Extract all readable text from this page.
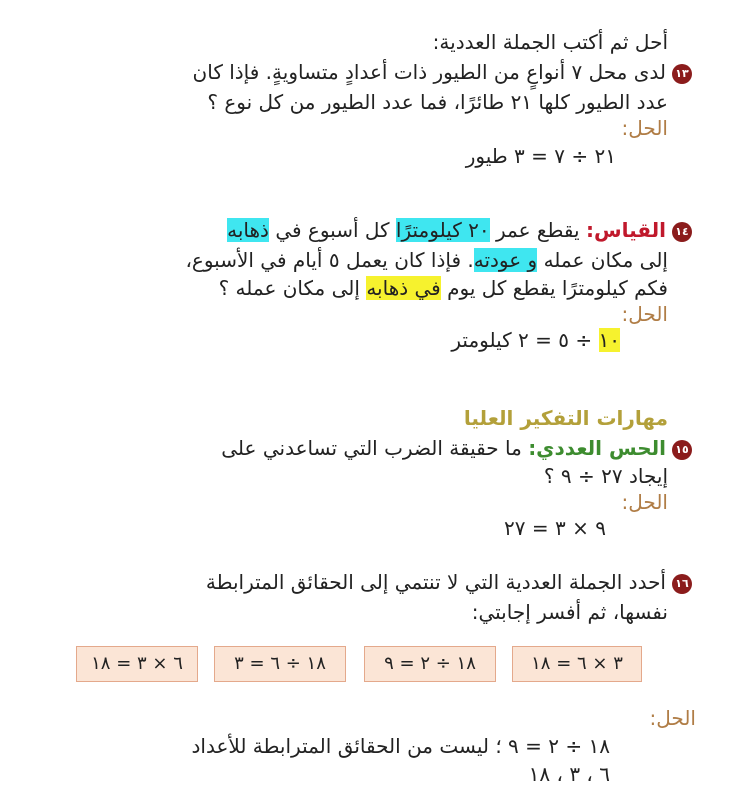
أحل ثم أكتب الجملة العددية:
١٣لدى محل ٧ أنواعٍ من الطيور ذات أعدادٍ متساويةٍ. فإذا كان
عدد الطيور كلها ٢١ طائرًا، فما عدد الطيور من كل نوع ؟
الحل:
٢١ ÷ ٧ = ٣ طيور
١٤القياس: يقطع عمر ٢٠ كيلومترًا كل أسبوع في ذهابه
إلى مكان عمله و عودته. فإذا كان يعمل ٥ أيام في الأسبوع،
فكم كيلومترًا يقطع كل يوم في ذهابه إلى مكان عمله ؟
الحل:
١٠ ÷ ٥ = ٢ كيلومتر
مهارات التفكير العليا
١٥الحس العددي: ما حقيقة الضرب التي تساعدني على
إيجاد ٢٧ ÷ ٩ ؟
الحل:
٩ × ٣ = ٢٧
١٦أحدد الجملة العددية التي لا تنتمي إلى الحقائق المترابطة
نفسها، ثم أفسر إجابتي:
٣ × ٦ = ١٨
١٨ ÷ ٢ = ٩
١٨ ÷ ٦ = ٣
٦ × ٣ = ١٨
الحل:
١٨ ÷ ٢ = ٩ ؛ ليست من الحقائق المترابطة للأعداد
٦ ، ٣ ، ١٨
